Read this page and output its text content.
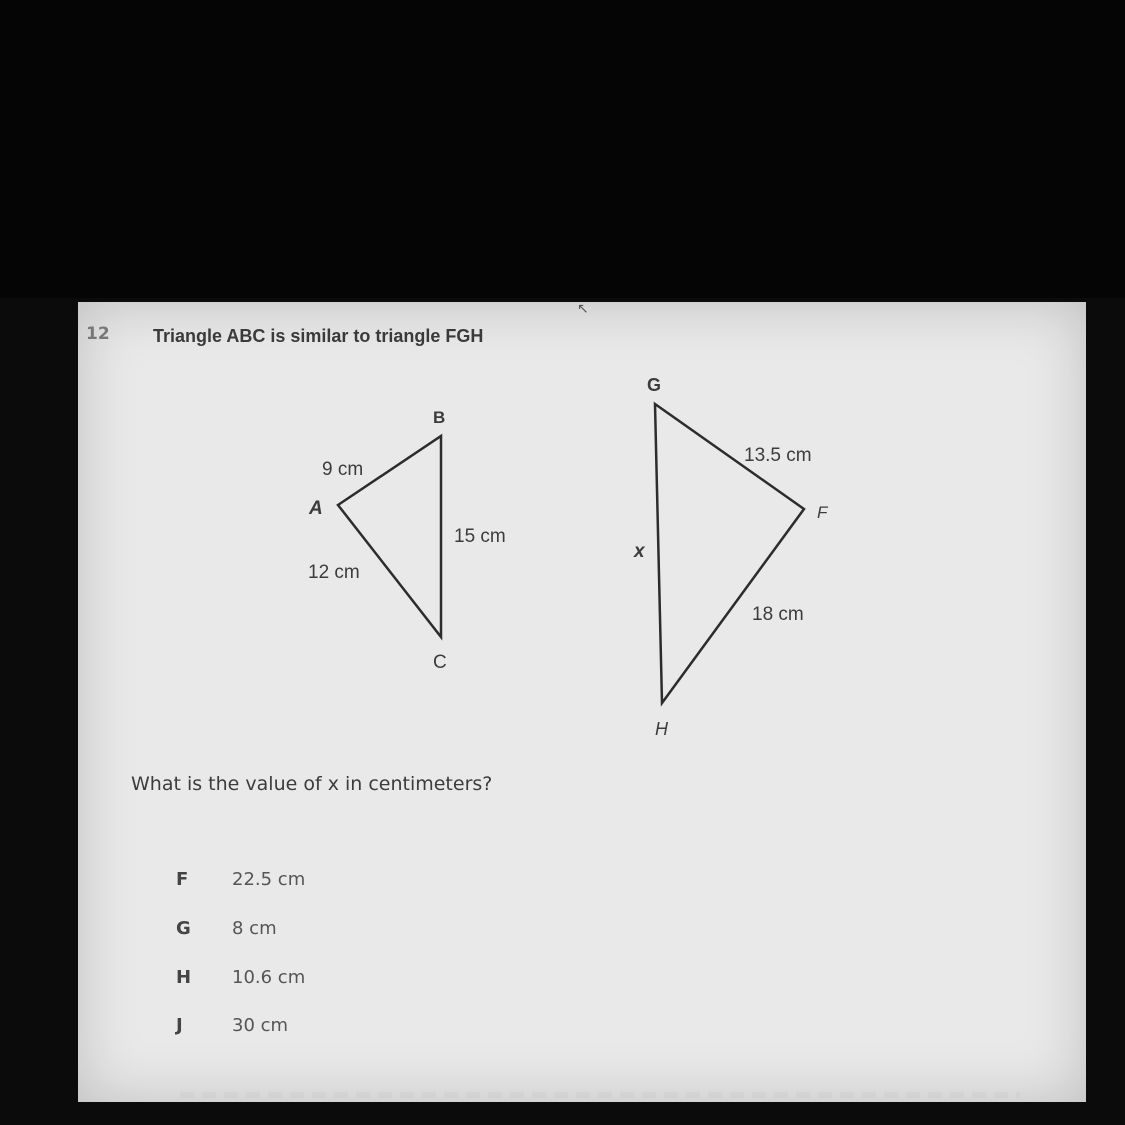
↖
12 Triangle ABC is similar to triangle FGH
B
A
C
9 cm
15 cm
12 cm
G
F
H
13.5 cm
18 cm
x
What is the value of x in centimeters?
F	22.5 cm
G	8 cm
H	10.6 cm
J	30 cm
